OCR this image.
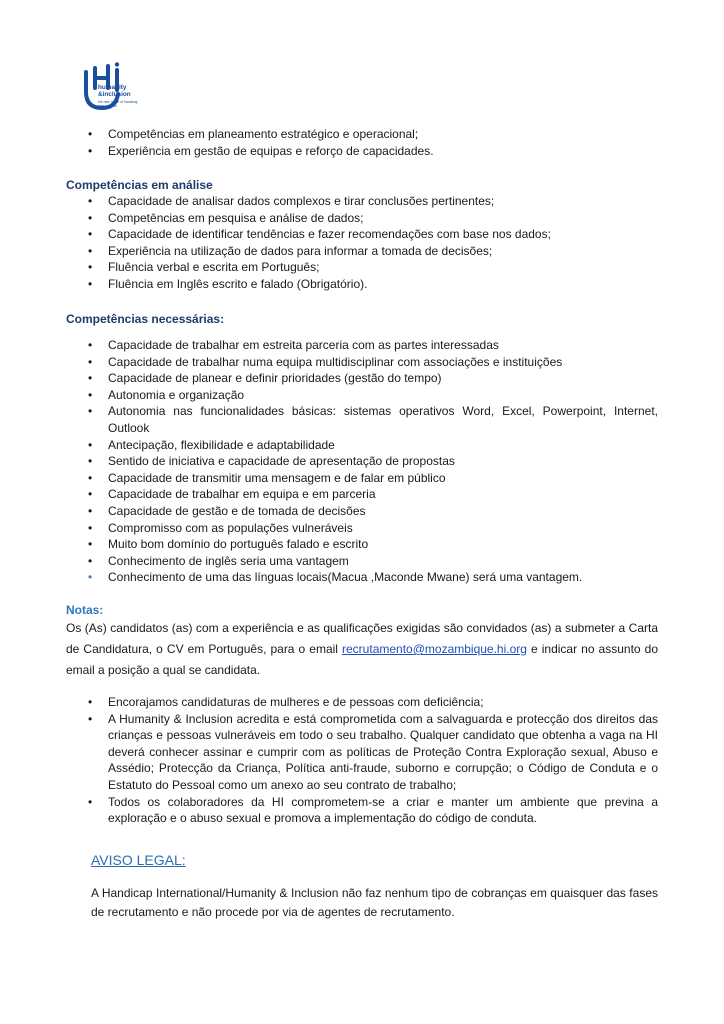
humanity
&inclusion
the new name of handicap international
• Competências em planeamento estratégico e operacional;
• Experiência em gestão de equipas e reforço de capacidades.
Competências em análise
• Capacidade de analisar dados complexos e tirar conclusões pertinentes;
• Competências em pesquisa e análise de dados;
• Capacidade de identificar tendências e fazer recomendações com base nos dados;
• Experiência na utilização de dados para informar a tomada de decisões;
• Fluência verbal e escrita em Português;
• Fluência em Inglês escrito e falado (Obrigatório).
Competências necessárias:
• Capacidade de trabalhar em estreita parceria com as partes interessadas
• Capacidade de trabalhar numa equipa multidisciplinar com associações e instituições
• Capacidade de planear e definir prioridades (gestão do tempo)
• Autonomia e organização
• Autonomia nas funcionalidades básicas: sistemas operativos Word, Excel, Powerpoint, Internet, Outlook
• Antecipação, flexibilidade e adaptabilidade
• Sentido de iniciativa e capacidade de apresentação de propostas
• Capacidade de transmitir uma mensagem e de falar em público
• Capacidade de trabalhar em equipa e em parceria
• Capacidade de gestão e de tomada de decisões
• Compromisso com as populações vulneráveis
• Muito bom domínio do português falado e escrito
• Conhecimento de inglês seria uma vantagem
• Conhecimento de uma das línguas locais(Macua ,Maconde Mwane) será uma vantagem.
Notas:
Os (As) candidatos (as) com a experiência e as qualificações exigidas são convidados (as) a submeter a Carta de Candidatura, o CV em Português, para o email recrutamento@mozambique.hi.org e indicar no assunto do email a posição a qual se candidata.
• Encorajamos candidaturas de mulheres e de pessoas com deficiência;
• A Humanity & Inclusion acredita e está comprometida com a salvaguarda e protecção dos direitos das crianças e pessoas vulneráveis em todo o seu trabalho. Qualquer candidato que obtenha a vaga na HI deverá conhecer assinar e cumprir com as políticas de Proteção Contra Exploração sexual, Abuso e Assédio; Protecção da Criança, Política anti-fraude, suborno e corrupção; o Código de Conduta e o Estatuto do Pessoal como um anexo ao seu contrato de trabalho;
• Todos os colaboradores da HI comprometem-se a criar e manter um ambiente que previna a exploração e o abuso sexual e promova a implementação do código de conduta.
AVISO LEGAL:
A Handicap International/Humanity & Inclusion não faz nenhum tipo de cobranças em quaisquer das fases de recrutamento e não procede por via de agentes de recrutamento.
